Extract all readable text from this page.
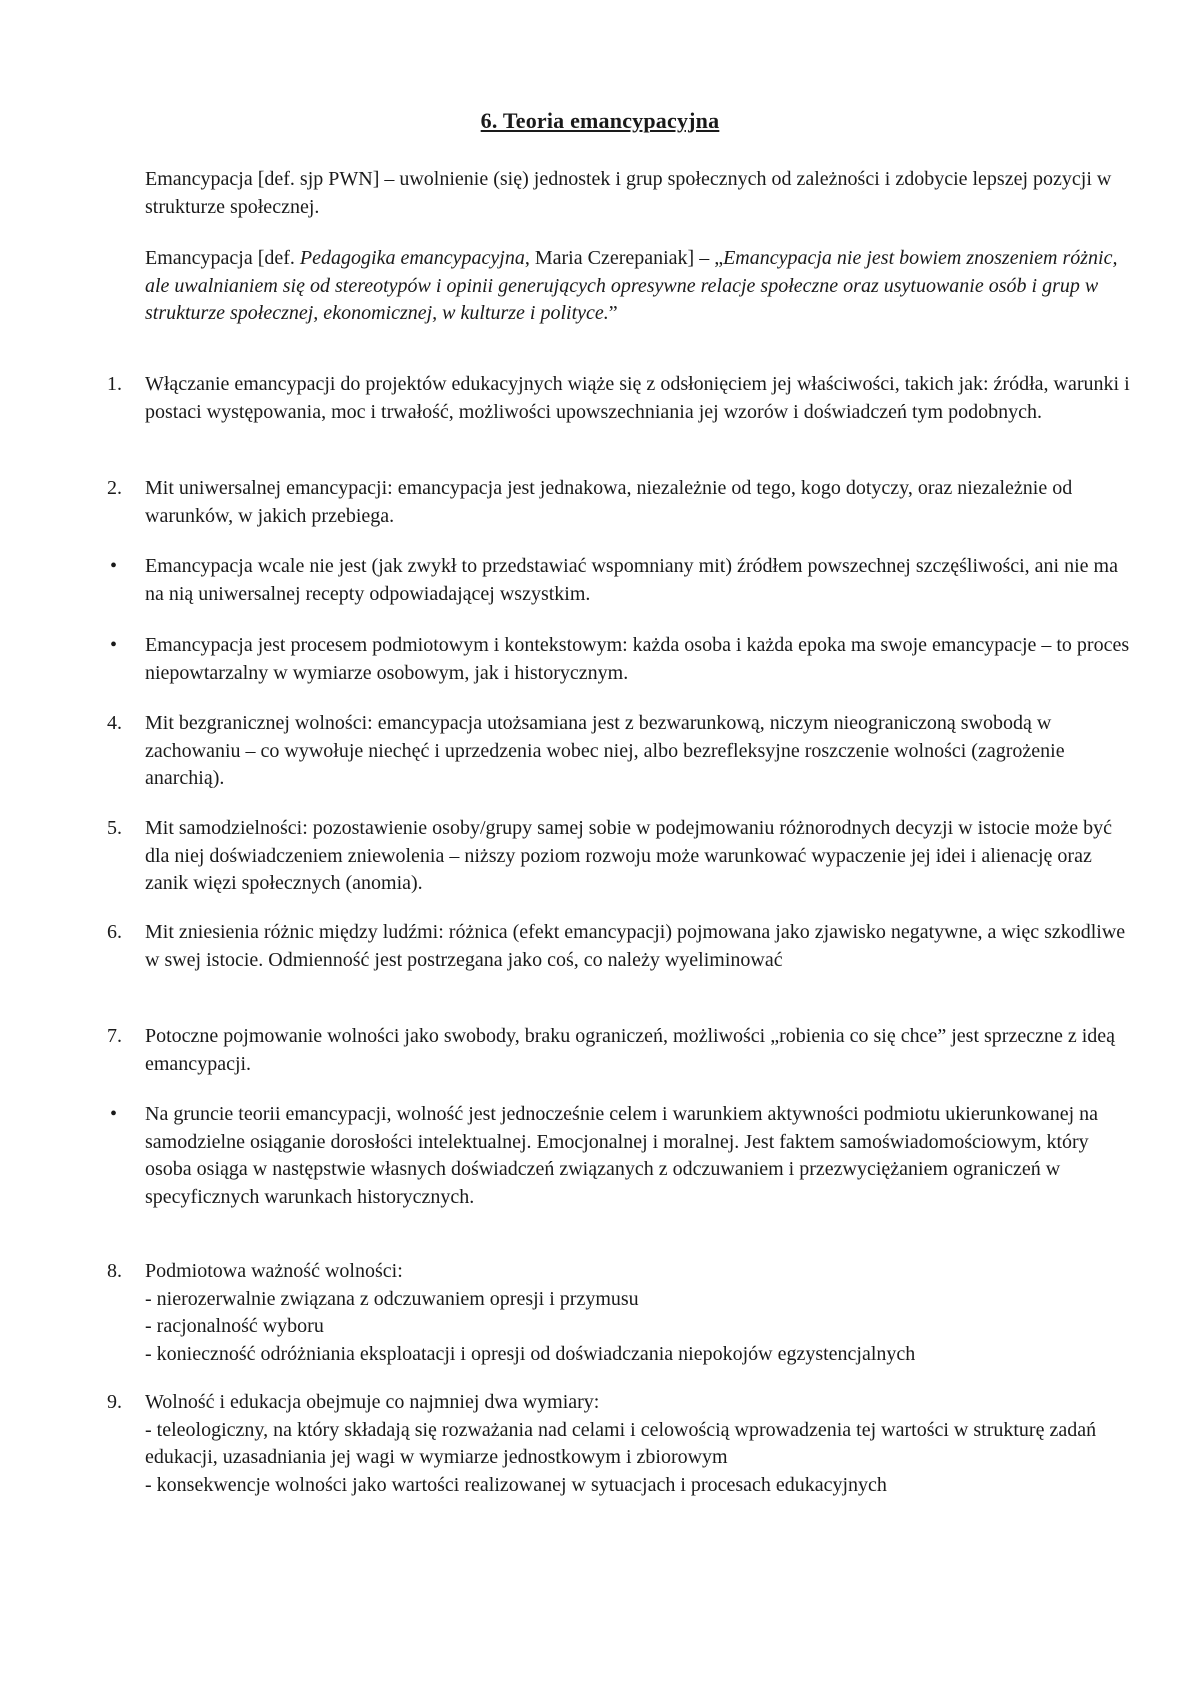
6. Teoria emancypacyjna
Emancypacja [def. sjp PWN] – uwolnienie (się) jednostek i grup społecznych od zależności i zdobycie lepszej pozycji w strukturze społecznej.
Emancypacja [def. Pedagogika emancypacyjna, Maria Czerepaniak] – „Emancypacja nie jest bowiem znoszeniem różnic, ale uwalnianiem się od stereotypów i opinii generujących opresywne relacje społeczne oraz usytuowanie osób i grup w strukturze społecznej, ekonomicznej, w kulturze i polityce.”
1.	Włączanie emancypacji do projektów edukacyjnych wiąże się z odsłonięciem jej właściwości, takich jak: źródła, warunki i postaci występowania, moc i trwałość, możliwości upowszechniania jej wzorów i doświadczeń tym podobnych.
2.	Mit uniwersalnej emancypacji: emancypacja jest jednakowa, niezależnie od tego, kogo dotyczy, oraz niezależnie od warunków, w jakich przebiega.
• Emancypacja wcale nie jest (jak zwykł to przedstawiać wspomniany mit) źródłem powszechnej szczęśliwości, ani nie ma na nią uniwersalnej recepty odpowiadającej wszystkim.
• Emancypacja jest procesem podmiotowym i kontekstowym: każda osoba i każda epoka ma swoje emancypacje – to proces niepowtarzalny w wymiarze osobowym, jak i historycznym.
4.	Mit bezgranicznej wolności: emancypacja utożsamiana jest z bezwarunkową, niczym nieograniczoną swobodą w zachowaniu – co wywołuje niechęć i uprzedzenia wobec niej, albo bezrefleksyjne roszczenie wolności (zagrożenie anarchią).
5.	Mit samodzielności: pozostawienie osoby/grupy samej sobie w podejmowaniu różnorodnych decyzji w istocie może być dla niej doświadczeniem zniewolenia – niższy poziom rozwoju może warunkować wypaczenie jej idei i alienację oraz zanik więzi społecznych (anomia).
6.	Mit zniesienia różnic między ludźmi: różnica (efekt emancypacji) pojmowana jako zjawisko negatywne, a więc szkodliwe w swej istocie. Odmienność jest postrzegana jako coś, co należy wyeliminować
7.	Potoczne pojmowanie wolności jako swobody, braku ograniczeń, możliwości „robienia co się chce” jest sprzeczne z ideą emancypacji.
• Na gruncie teorii emancypacji, wolność jest jednocześnie celem i warunkiem aktywności podmiotu ukierunkowanej na samodzielne osiąganie dorosłości intelektualnej. Emocjonalnej i moralnej. Jest faktem samoświadomościowym, który osoba osiąga w następstwie własnych doświadczeń związanych z odczuwaniem i przezwyciężaniem ograniczeń w specyficznych warunkach historycznych.
8.	Podmiotowa ważność wolności:
- nierozerwalnie związana z odczuwaniem opresji i przymusu
- racjonalność wyboru
- konieczność odróżniania eksploatacji i opresji od doświadczania niepokojów egzystencjalnych
9.	Wolność i edukacja obejmuje co najmniej dwa wymiary:
- teleologiczny, na który składają się rozważania nad celami i celowością wprowadzenia tej wartości w strukturę zadań edukacji, uzasadniania jej wagi w wymiarze jednostkowym i zbiorowym
- konsekwencje wolności jako wartości realizowanej w sytuacjach i procesach edukacyjnych
